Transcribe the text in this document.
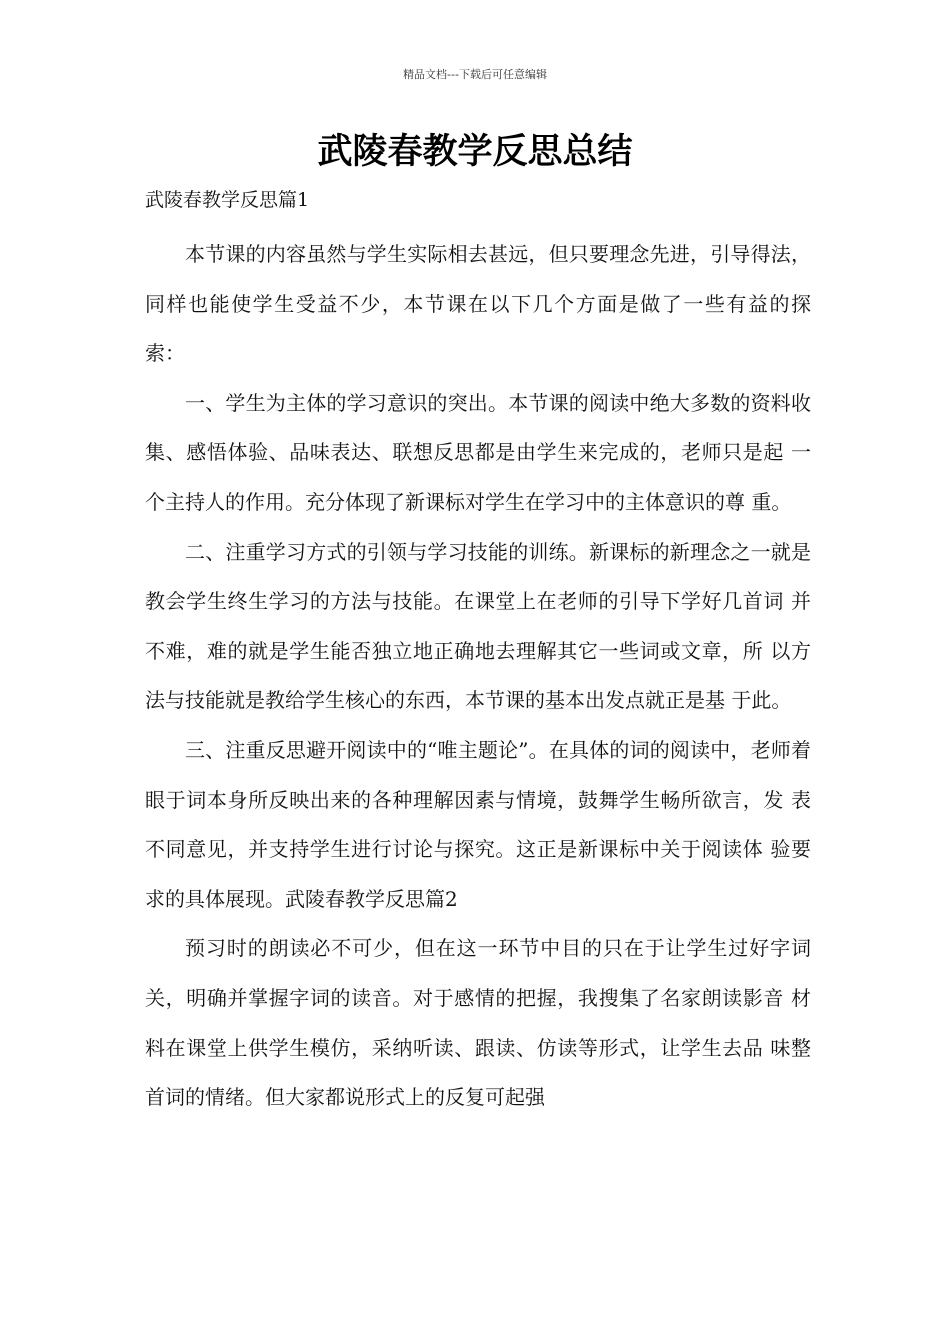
精品文档---下载后可任意编辑
武陵春教学反思总结
武陵春教学反思篇1

本节课的内容虽然与学生实际相去甚远，但只要理念先进，引导得法， 同样也能使学生受益不少，本节课在以下几个方面是做了一些有益的探 索：

一、学生为主体的学习意识的突出。本节课的阅读中绝大多数的资料收 集、感悟体验、品味表达、联想反思都是由学生来完成的，老师只是起 一个主持人的作用。充分体现了新课标对学生在学习中的主体意识的尊 重。

二、注重学习方式的引领与学习技能的训练。新课标的新理念之一就是 教会学生终生学习的方法与技能。在课堂上在老师的引导下学好几首词 并不难，难的就是学生能否独立地正确地去理解其它一些词或文章，所 以方法与技能就是教给学生核心的东西，本节课的基本出发点就正是基 于此。

三、注重反思避开阅读中的“唯主题论”。在具体的词的阅读中，老师着 眼于词本身所反映出来的各种理解因素与情境，鼓舞学生畅所欲言，发 表不同意见，并支持学生进行讨论与探究。这正是新课标中关于阅读体 验要求的具体展现。武陵春教学反思篇2

预习时的朗读必不可少，但在这一环节中目的只在于让学生过好字词 关，明确并掌握字词的读音。对于感情的把握，我搜集了名家朗读影音 材料在课堂上供学生模仿，采纳听读、跟读、仿读等形式，让学生去品 味整首词的情绪。但大家都说形式上的反复可起强
